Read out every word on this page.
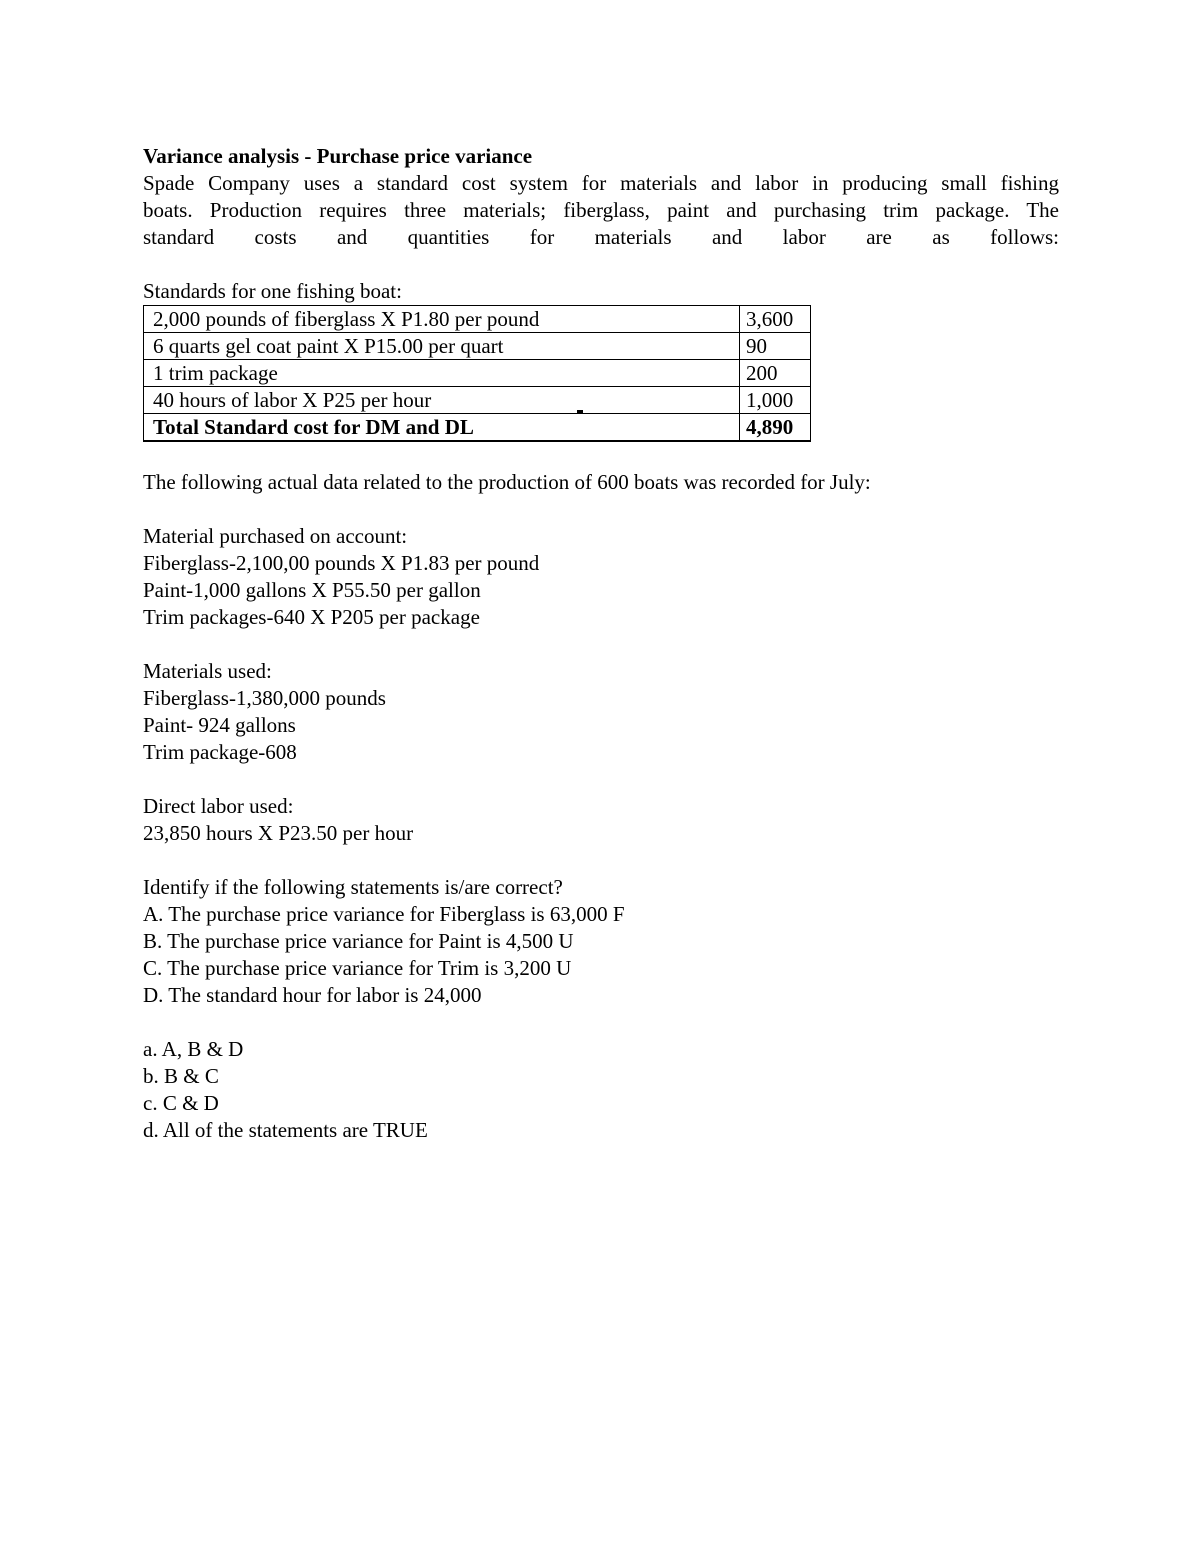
Variance analysis - Purchase price variance

Spade Company uses a standard cost system for materials and labor in producing small fishing

boats. Production requires three materials; fiberglass, paint and purchasing trim package. The

standard costs and quantities for materials and labor are as follows:

Standards for one fishing boat:

2,000 pounds of fiberglass X P1.80 per pound	3,600
6 quarts gel coat paint X P15.00 per quart	90
1 trim package	200
40 hours of labor X P25 per hour	1,000
Total Standard cost for DM and DL	4,890

The following actual data related to the production of 600 boats was recorded for July:

Material purchased on account:

Fiberglass-2,100,00 pounds X P1.83 per pound

Paint-1,000 gallons X P55.50 per gallon

Trim packages-640 X P205 per package

Materials used:

Fiberglass-1,380,000 pounds

Paint- 924 gallons

Trim package-608

Direct labor used:

23,850 hours X P23.50 per hour

Identify if the following statements is/are correct?

A. The purchase price variance for Fiberglass is 63,000 F

B. The purchase price variance for Paint is 4,500 U

C. The purchase price variance for Trim is 3,200 U

D. The standard hour for labor is 24,000

a. A, B & D

b. B & C

c. C & D

d. All of the statements are TRUE
